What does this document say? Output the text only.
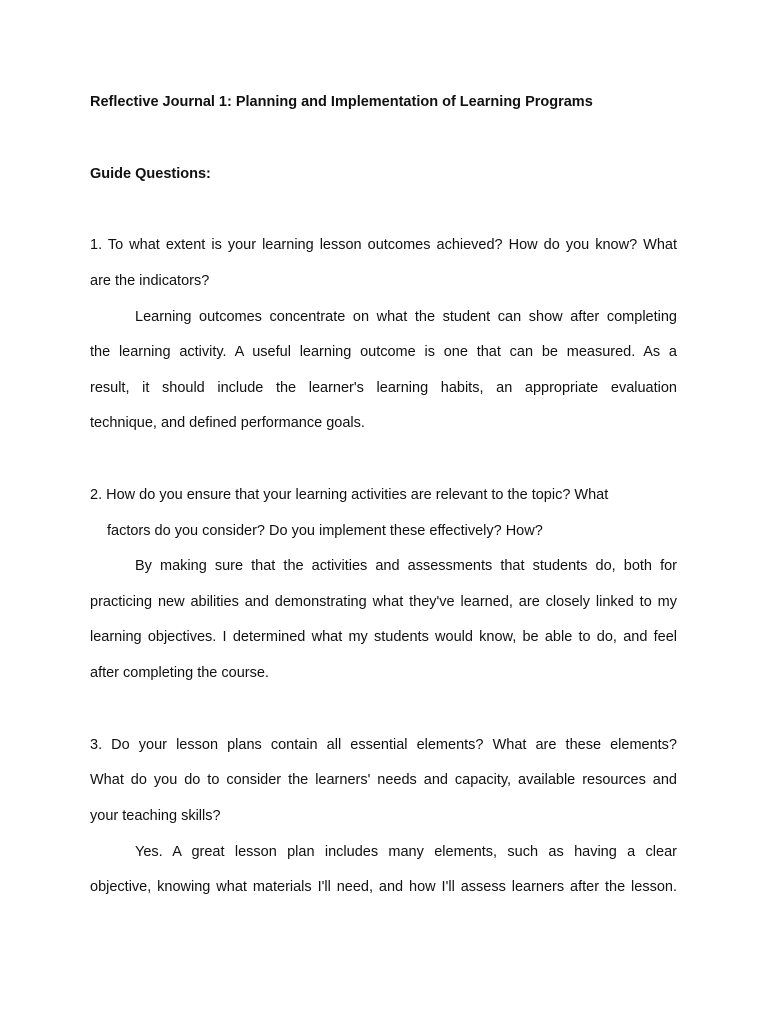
Reflective Journal 1: Planning and Implementation of Learning Programs
Guide Questions:
1. To what extent is your learning lesson outcomes achieved? How do you know? What
are the indicators?
Learning outcomes concentrate on what the student can show after completing
the learning activity. A useful learning outcome is one that can be measured. As a
result, it should include the learner's learning habits, an appropriate evaluation
technique, and defined performance goals.
2. How do you ensure that your learning activities are relevant to the topic? What
factors do you consider? Do you implement these effectively? How?
By making sure that the activities and assessments that students do, both for
practicing new abilities and demonstrating what they've learned, are closely linked to my
learning objectives. I determined what my students would know, be able to do, and feel
after completing the course.
3. Do your lesson plans contain all essential elements? What are these elements?
What do you do to consider the learners' needs and capacity, available resources and
your teaching skills?
Yes. A great lesson plan includes many elements, such as having a clear
objective, knowing what materials I'll need, and how I'll assess learners after the lesson.
